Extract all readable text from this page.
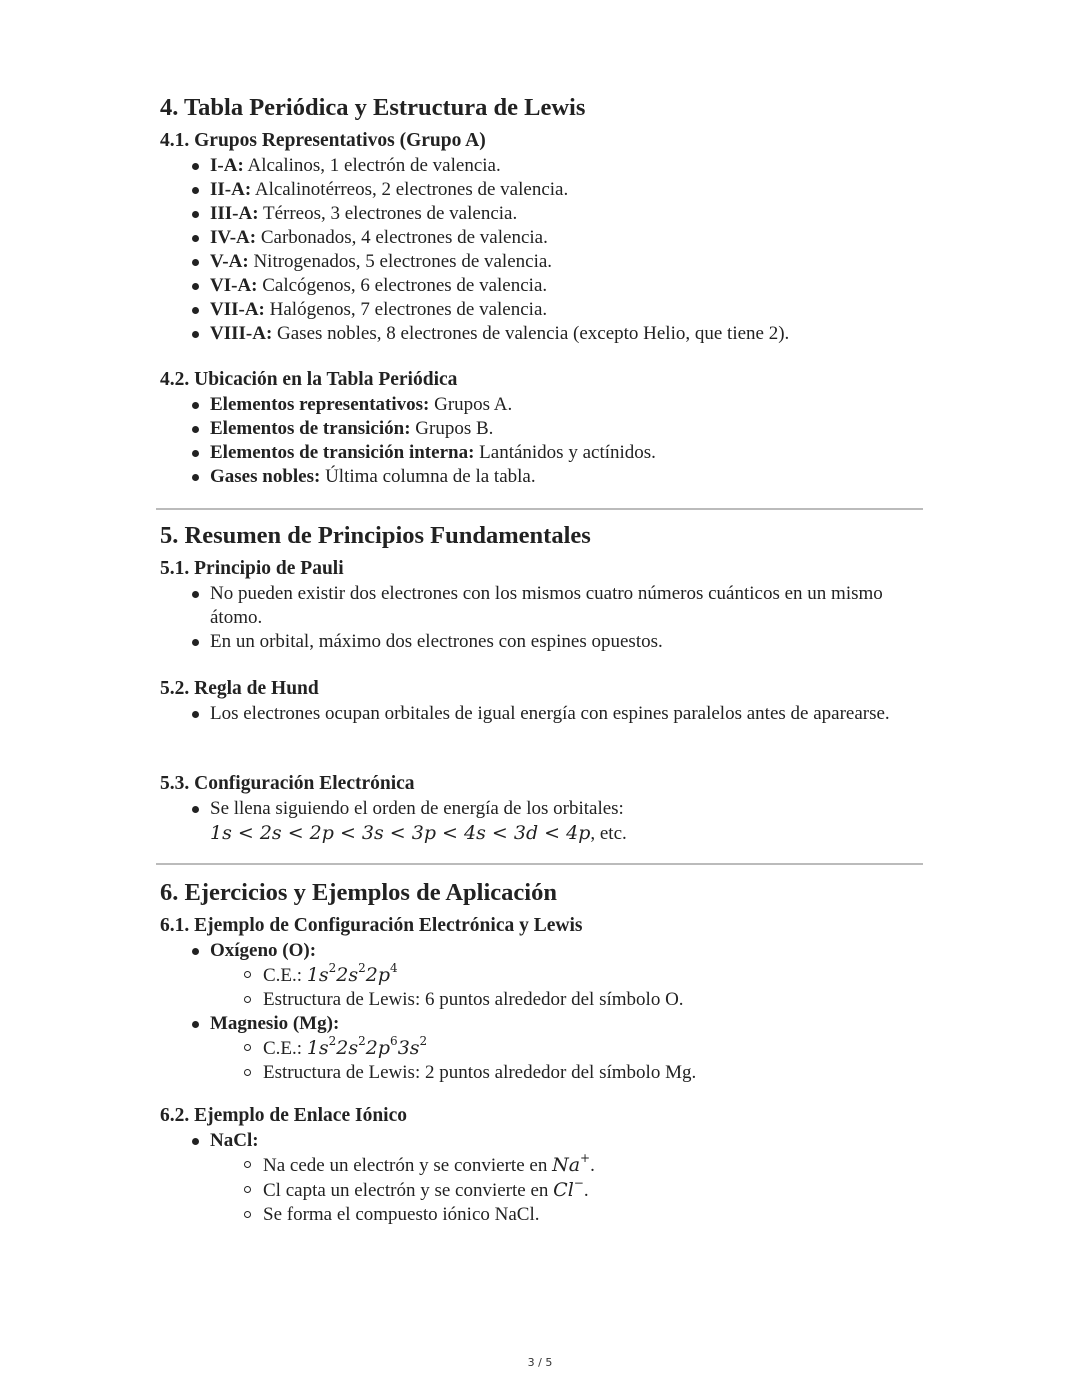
4. Tabla Periódica y Estructura de Lewis
4.1. Grupos Representativos (Grupo A)
I-A: Alcalinos, 1 electrón de valencia.
II-A: Alcalinotérreos, 2 electrones de valencia.
III-A: Térreos, 3 electrones de valencia.
IV-A: Carbonados, 4 electrones de valencia.
V-A: Nitrogenados, 5 electrones de valencia.
VI-A: Calcógenos, 6 electrones de valencia.
VII-A: Halógenos, 7 electrones de valencia.
VIII-A: Gases nobles, 8 electrones de valencia (excepto Helio, que tiene 2).
4.2. Ubicación en la Tabla Periódica
Elementos representativos: Grupos A.
Elementos de transición: Grupos B.
Elementos de transición interna: Lantánidos y actínidos.
Gases nobles: Última columna de la tabla.
5. Resumen de Principios Fundamentales
5.1. Principio de Pauli
No pueden existir dos electrones con los mismos cuatro números cuánticos en un mismo átomo.
En un orbital, máximo dos electrones con espines opuestos.
5.2. Regla de Hund
Los electrones ocupan orbitales de igual energía con espines paralelos antes de aparearse.
5.3. Configuración Electrónica
Se llena siguiendo el orden de energía de los orbitales:
1s < 2s < 2p < 3s < 3p < 4s < 3d < 4p, etc.
6. Ejercicios y Ejemplos de Aplicación
6.1. Ejemplo de Configuración Electrónica y Lewis
Oxígeno (O):
C.E.: $1s^22s^22p^4$
Estructura de Lewis: 6 puntos alrededor del símbolo O.
Magnesio (Mg):
C.E.: $1s^22s^22p^63s^2$
Estructura de Lewis: 2 puntos alrededor del símbolo Mg.
6.2. Ejemplo de Enlace Iónico
NaCl:
Na cede un electrón y se convierte en Na+.
Cl capta un electrón y se convierte en Cl−.
Se forma el compuesto iónico NaCl.
3 / 5
